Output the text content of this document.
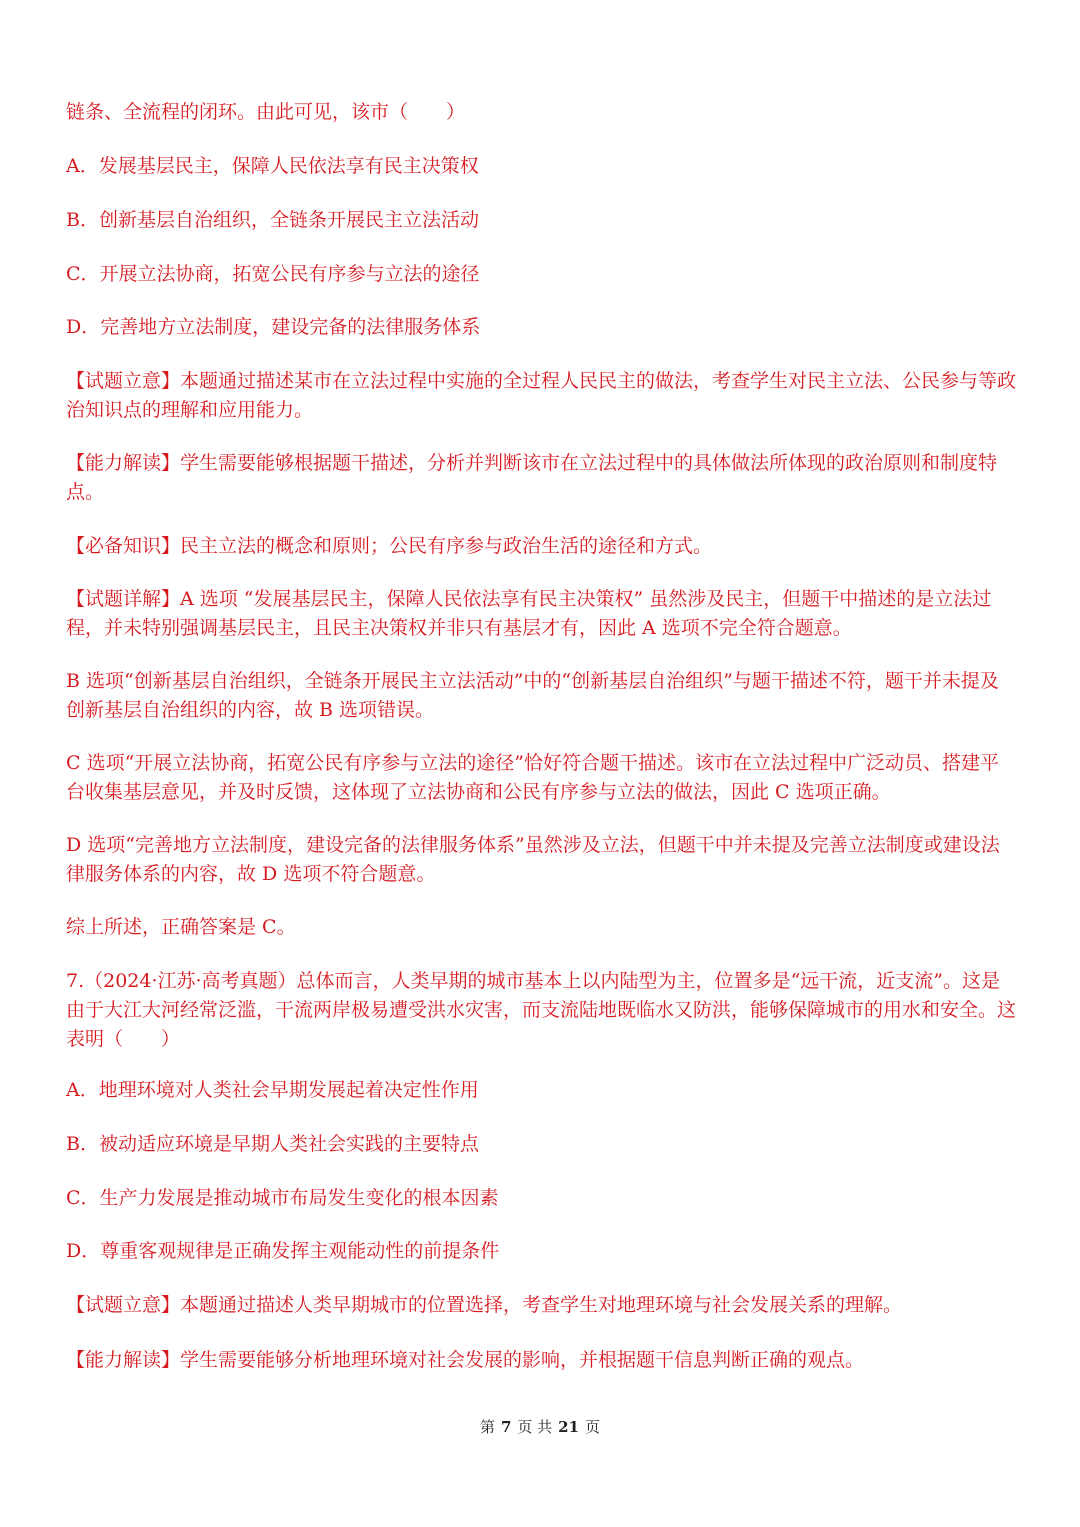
链条、全流程的闭环。由此可见，该市（　　）

A．发展基层民主，保障人民依法享有民主决策权

B．创新基层自治组织，全链条开展民主立法活动

C．开展立法协商，拓宽公民有序参与立法的途径

D．完善地方立法制度，建设完备的法律服务体系

【试题立意】本题通过描述某市在立法过程中实施的全过程人民民主的做法，考查学生对民主立法、公民参与等政治知识点的理解和应用能力。

【能力解读】学生需要能够根据题干描述，分析并判断该市在立法过程中的具体做法所体现的政治原则和制度特点。

【必备知识】民主立法的概念和原则；公民有序参与政治生活的途径和方式。

【试题详解】A 选项 “发展基层民主，保障人民依法享有民主决策权” 虽然涉及民主，但题干中描述的是立法过程，并未特别强调基层民主，且民主决策权并非只有基层才有，因此 A 选项不完全符合题意。

B 选项“创新基层自治组织，全链条开展民主立法活动”中的“创新基层自治组织”与题干描述不符，题干并未提及创新基层自治组织的内容，故 B 选项错误。

C 选项“开展立法协商，拓宽公民有序参与立法的途径”恰好符合题干描述。该市在立法过程中广泛动员、搭建平台收集基层意见，并及时反馈，这体现了立法协商和公民有序参与立法的做法，因此 C 选项正确。

D 选项“完善地方立法制度，建设完备的法律服务体系”虽然涉及立法，但题干中并未提及完善立法制度或建设法律服务体系的内容，故 D 选项不符合题意。

综上所述，正确答案是 C。

7.（2024·江苏·高考真题）总体而言，人类早期的城市基本上以内陆型为主，位置多是“远干流，近支流”。这是由于大江大河经常泛滥，干流两岸极易遭受洪水灾害，而支流陆地既临水又防洪，能够保障城市的用水和安全。这表明（　　）

A．地理环境对人类社会早期发展起着决定性作用

B．被动适应环境是早期人类社会实践的主要特点

C．生产力发展是推动城市布局发生变化的根本因素

D．尊重客观规律是正确发挥主观能动性的前提条件

【试题立意】本题通过描述人类早期城市的位置选择，考查学生对地理环境与社会发展关系的理解。

【能力解读】学生需要能够分析地理环境对社会发展的影响，并根据题干信息判断正确的观点。

第 7 页 共 21 页
